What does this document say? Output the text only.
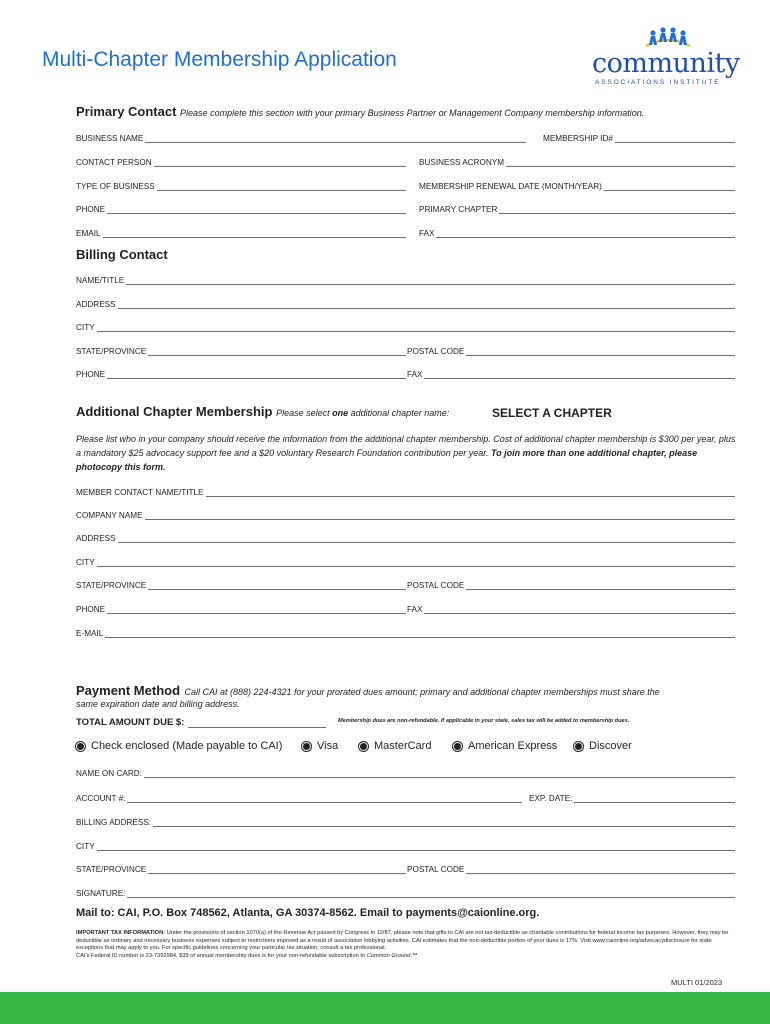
Multi-Chapter Membership Application	community
ASSOCIATIONS INSTITUTE
Primary Contact Please complete this section with your primary Business Partner or Management Company membership information.
BUSINESS NAME	MEMBERSHIP ID#
CONTACT PERSON	BUSINESS ACRONYM
TYPE OF BUSINESS	MEMBERSHIP RENEWAL DATE (MONTH/YEAR)
PHONE	PRIMARY CHAPTER
EMAIL	FAX
Billing Contact
NAME/TITLE
ADDRESS
CITY
STATE/PROVINCE	POSTAL CODE
PHONE	FAX
Additional Chapter Membership Please select one additional chapter name:	SELECT A CHAPTER
Please list who in your company should receive the information from the additional chapter membership. Cost of additional chapter membership is $300 per year, plus a mandatory $25 advocacy support fee and a $20 voluntary Research Foundation contribution per year. To join more than one additional chapter, please photocopy this form.
MEMBER CONTACT NAME/TITLE
COMPANY NAME
ADDRESS
CITY
STATE/PROVINCE	POSTAL CODE
PHONE	FAX
E-MAIL
Payment Method Call CAI at (888) 224-4321 for your prorated dues amount; primary and additional chapter memberships must share the
same expiration date and billing address.
TOTAL AMOUNT DUE $:	Membership dues are non-refundable. If applicable in your state, sales tax will be added to membership dues.
Check enclosed (Made payable to CAI)	Visa	MasterCard	American Express	Discover
NAME ON CARD:
ACCOUNT #:	EXP. DATE:
BILLING ADDRESS:
CITY
STATE/PROVINCE	POSTAL CODE
SIGNATURE:
Mail to: CAI, P.O. Box 748562, Atlanta, GA 30374-8562. Email to payments@caionline.org.
IMPORTANT TAX INFORMATION: Under the provisions of section 1070(a) of the Revenue Act passed by Congress in 12/87, please note that gifts to CAI are not tax-deductible as charitable contributions for federal income tax purposes. However, they may be deductible as ordinary and necessary business expenses subject to restrictions imposed as a result of association lobbying activities. CAI estimates that the non-deductible portion of your dues is 17%. Visit www.caionline.org/advocacydisclosure for state exceptions that may apply to you. For specific guidelines concerning your particular tax situation, consult a tax professional.
CAI's Federal ID number is 23-7392984. $39 of annual membership dues is for your non-refundable subscription to Common Ground.™
MULTI 01/2023
